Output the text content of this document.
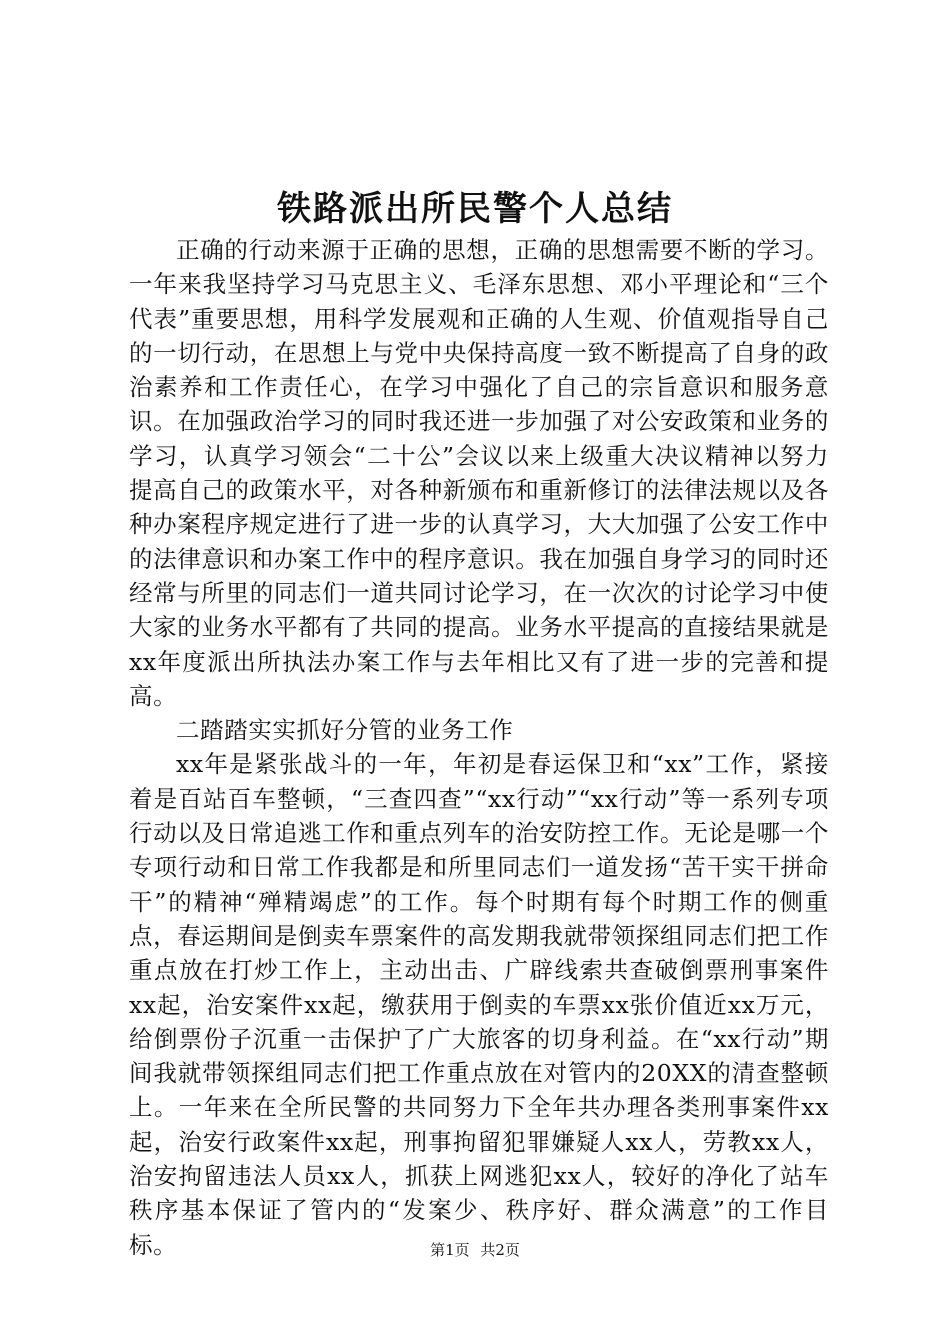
铁路派出所民警个人总结

正确的行动来源于正确的思想，正确的思想需要不断的学习。一年来我坚持学习马克思主义、毛泽东思想、邓小平理论和“三个代表”重要思想，用科学发展观和正确的人生观、价值观指导自己的一切行动，在思想上与党中央保持高度一致不断提高了自身的政治素养和工作责任心，在学习中强化了自己的宗旨意识和服务意识。在加强政治学习的同时我还进一步加强了对公安政策和业务的学习，认真学习领会“二十公”会议以来上级重大决议精神以努力提高自己的政策水平，对各种新颁布和重新修订的法律法规以及各种办案程序规定进行了进一步的认真学习，大大加强了公安工作中的法律意识和办案工作中的程序意识。我在加强自身学习的同时还经常与所里的同志们一道共同讨论学习，在一次次的讨论学习中使大家的业务水平都有了共同的提高。业务水平提高的直接结果就是xx年度派出所执法办案工作与去年相比又有了进一步的完善和提高。

二踏踏实实抓好分管的业务工作

xx年是紧张战斗的一年，年初是春运保卫和“xx”工作，紧接着是百站百车整顿，“三查四查”“xx行动”“xx行动”等一系列专项行动以及日常追逃工作和重点列车的治安防控工作。无论是哪一个专项行动和日常工作我都是和所里同志们一道发扬“苦干实干拼命干”的精神“殚精竭虑”的工作。每个时期有每个时期工作的侧重点，春运期间是倒卖车票案件的高发期我就带领探组同志们把工作重点放在打炒工作上，主动出击、广辟线索共查破倒票刑事案件xx起，治安案件xx起，缴获用于倒卖的车票xx张价值近xx万元，给倒票份子沉重一击保护了广大旅客的切身利益。在“xx行动”期间我就带领探组同志们把工作重点放在对管内的20XX的清查整顿上。一年来在全所民警的共同努力下全年共办理各类刑事案件xx起，治安行政案件xx起，刑事拘留犯罪嫌疑人xx人，劳教xx人，治安拘留违法人员xx人，抓获上网逃犯xx人，较好的净化了站车秩序基本保证了管内的“发案少、秩序好、群众满意”的工作目标。	第1页 共2页
